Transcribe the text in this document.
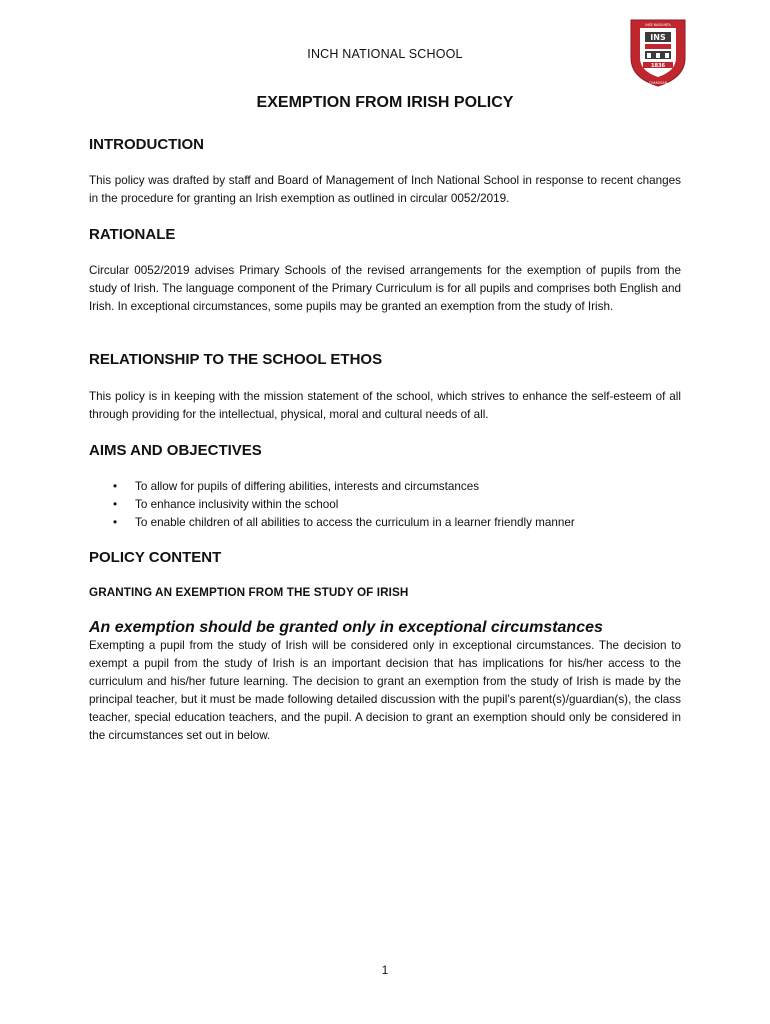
INCH NATIONAL SCHOOL
INS
1836
INSE NAISIUNTA
CHAROSAN
EXEMPTION FROM IRISH POLICY
INTRODUCTION

This policy was drafted by staff and Board of Management of Inch National School in response to recent changes in the procedure for granting an Irish exemption as outlined in circular 0052/2019.

RATIONALE

Circular 0052/2019 advises Primary Schools of the revised arrangements for the exemption of pupils from the study of Irish. The language component of the Primary Curriculum is for all pupils and comprises both English and Irish. In exceptional circumstances, some pupils may be granted an exemption from the study of Irish.

RELATIONSHIP TO THE SCHOOL ETHOS

This policy is in keeping with the mission statement of the school, which strives to enhance the self-esteem of all through providing for the intellectual, physical, moral and cultural needs of all.

AIMS AND OBJECTIVES
• To allow for pupils of differing abilities, interests and circumstances
• To enhance inclusivity within the school
• To enable children of all abilities to access the curriculum in a learner friendly manner
POLICY CONTENT
GRANTING AN EXEMPTION FROM THE STUDY OF IRISH
An exemption should be granted only in exceptional circumstances

Exempting a pupil from the study of Irish will be considered only in exceptional circumstances. The decision to exempt a pupil from the study of Irish is an important decision that has implications for his/her access to the curriculum and his/her future learning. The decision to grant an exemption from the study of Irish is made by the principal teacher, but it must be made following detailed discussion with the pupil’s parent(s)/guardian(s), the class teacher, special education teachers, and the pupil. A decision to grant an exemption should only be considered in the circumstances set out in below.

1
